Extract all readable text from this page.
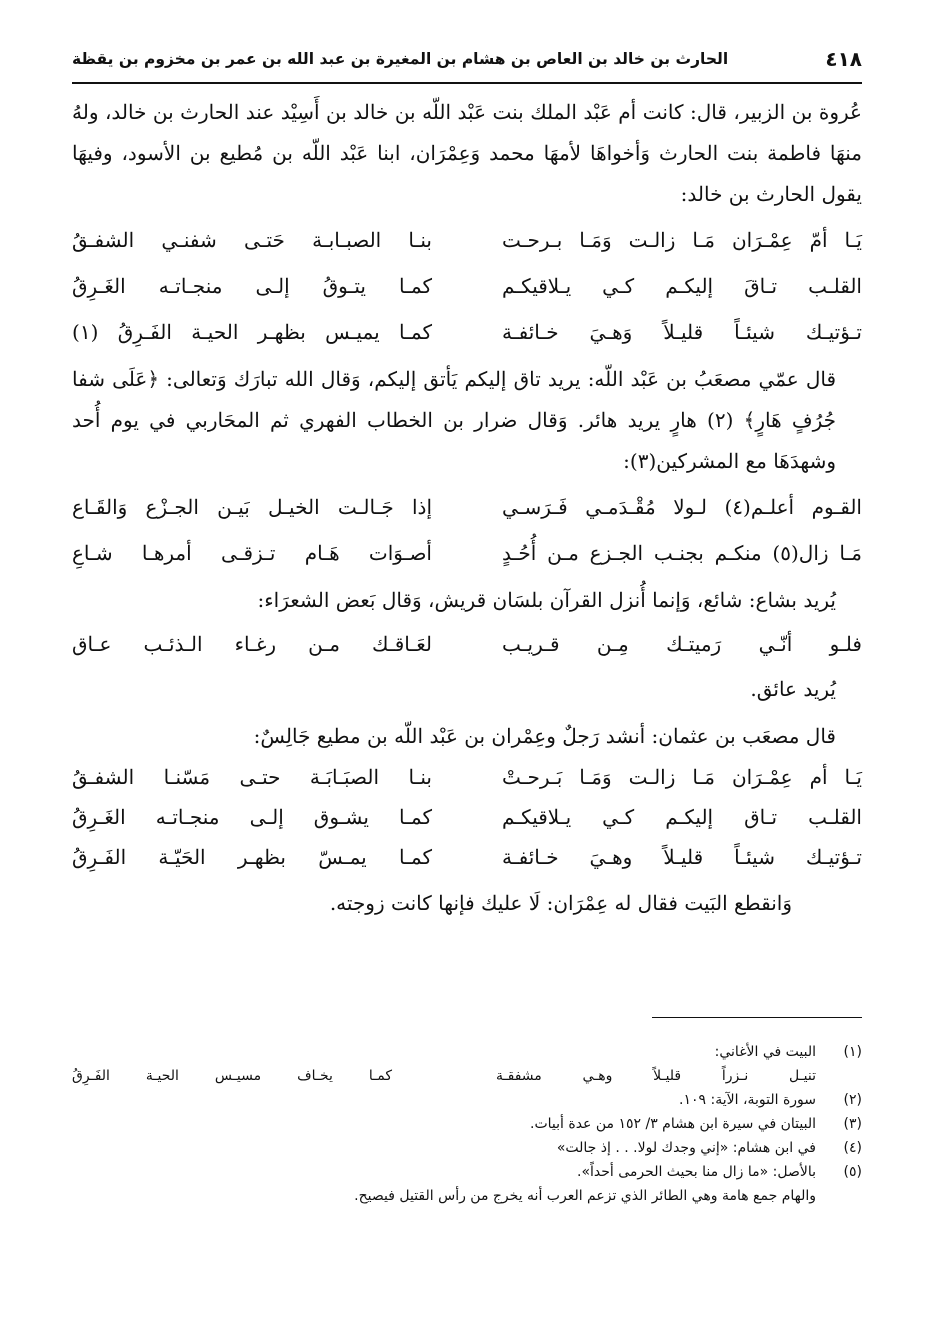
٤١٨
الحارث بن خالد بن العاص بن هشام بن المغيرة بن عبد الله بن عمر بن مخزوم بن يقظة

عُروة بن الزبير، قال: كانت أم عَبْد الملك بنت عَبْد اللّه بن خالد بن أَسِيْد عند الحارث بن خالد، ولهُ منهَا فاطمة بنت الحارث وَأخواهَا لأمهَا محمد وَعِمْرَان، ابنا عَبْد اللّه بن مُطيع بن الأسود، وفيهَا يقول الحارث بن خالد:

يَـا أمّ عِمْـرَان مَـا زالـت وَمَـا بـرحـت
بنـا الصبـابـة حَتـى شفنـي الشفـقُ
القلـب تـاقَ إليكـم كـي يـلاقيكـم
كمـا يتـوقُ إلـى منجـاتـه الغَـرِقُ
تـؤتيـك شيئـاً قليـلاً وَهـيَ خـائفـة
كمـا يميـس بظهـر الحيـة الفَـرِقُ (١)

قال عمّي مصعَبُ بن عَبْد اللّه: يريد تاق إليكم يَأتق إليكم، وَقال الله تبارَك وَتعالى: ﴿عَلَى شفا جُرُفٍ هَارٍ﴾ (٢) هارٍ يريد هائر. وَقال ضرار بن الخطاب الفهري ثم المحَاربي في يوم أُحد وشهدَهَا مع المشركين(٣):

القـوم أعلـم(٤) لـولا مُقْـدَمـي فَـرَسـي
إذا جَـالـت الخيـل بَيـن الجـزْع وَالقَـاع
مَـا زال(٥) منكـم بجنـب الجـزع مـن أُحُـدٍ
أصـوَات هَـام تـزقـى أمرهـا شـاعِ

يُريد بشاع: شائع، وَإنما أُنزل القرآن بلسَان قريش، وَقال بَعض الشعرَاء:

فلـو أنّـي رَميتـك مِـن قـريـب
لعَـاقـك مـن رغـاء الـذئـب عـاق

يُريد عائق.

قال مصعَب بن عثمان: أنشد رَجلٌ وعِمْران بن عَبْد اللّه بن مطيع جَالِسٌ:

يَـا أم عِمْـرَان مَـا زالـت وَمَـا بَـرحـتْ
بنـا الصبَـابَـة حتـى مَسّنـا الشفـقُ
القلـب تـاق إليكـم كـي يـلاقيكـم
كمـا يشـوق إلـى منجـاتـه الغَـرِقُ
تـؤتيـك شيئـاً قليـلاً وهـيَ خـائفـة
كمـا يمـسّ بظهـر الحَيّـة الفَـرِقُ

وَانقطع البَيت فقال له عِمْرَان: لَا عليك فإنها كانت زوجته.

(١)
البيت في الأغاني:
تنيـل نـزراً قليـلاً وهـي مشفقـة
كمـا يخـاف مسيـس الحيـة الفَـرِقُ
(٢)
سورة التوبة، الآية: ١٠٩.
(٣)
البيتان في سيرة ابن هشام ٣/ ١٥٢ من عدة أبيات.
(٤)
في ابن هشام: «إني وجدك لولا. . . إذ جالت»
(٥)
بالأصل: «ما زال منا بحيث الحرمى أحداً».
والهام جمع هامة وهي الطائر الذي تزعم العرب أنه يخرج من رأس القتيل فيصيح.
